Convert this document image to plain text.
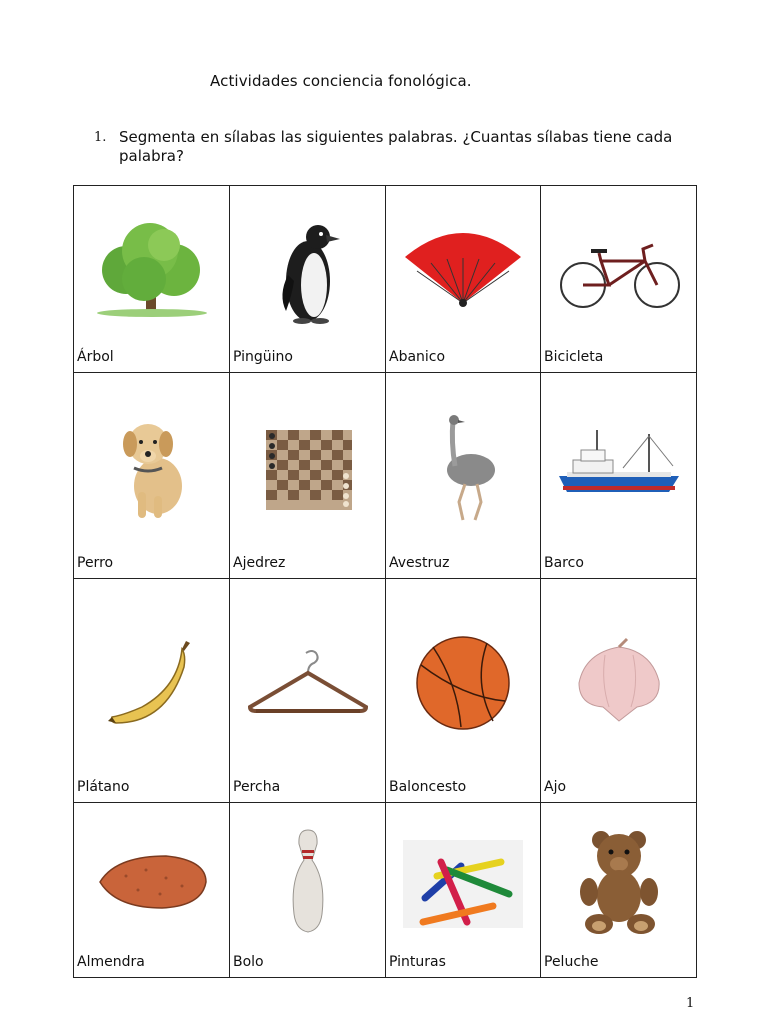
Actividades conciencia fonológica.
1. Segmenta en sílabas las siguientes palabras. ¿Cuantas sílabas tiene cada palabra?
Árbol	Pingüino	Abanico	Bicicleta

Perro	Ajedrez	Avestruz	Barco

Plátano	Percha	Baloncesto	Ajo

Almendra	Bolo	Pinturas	Peluche
1
